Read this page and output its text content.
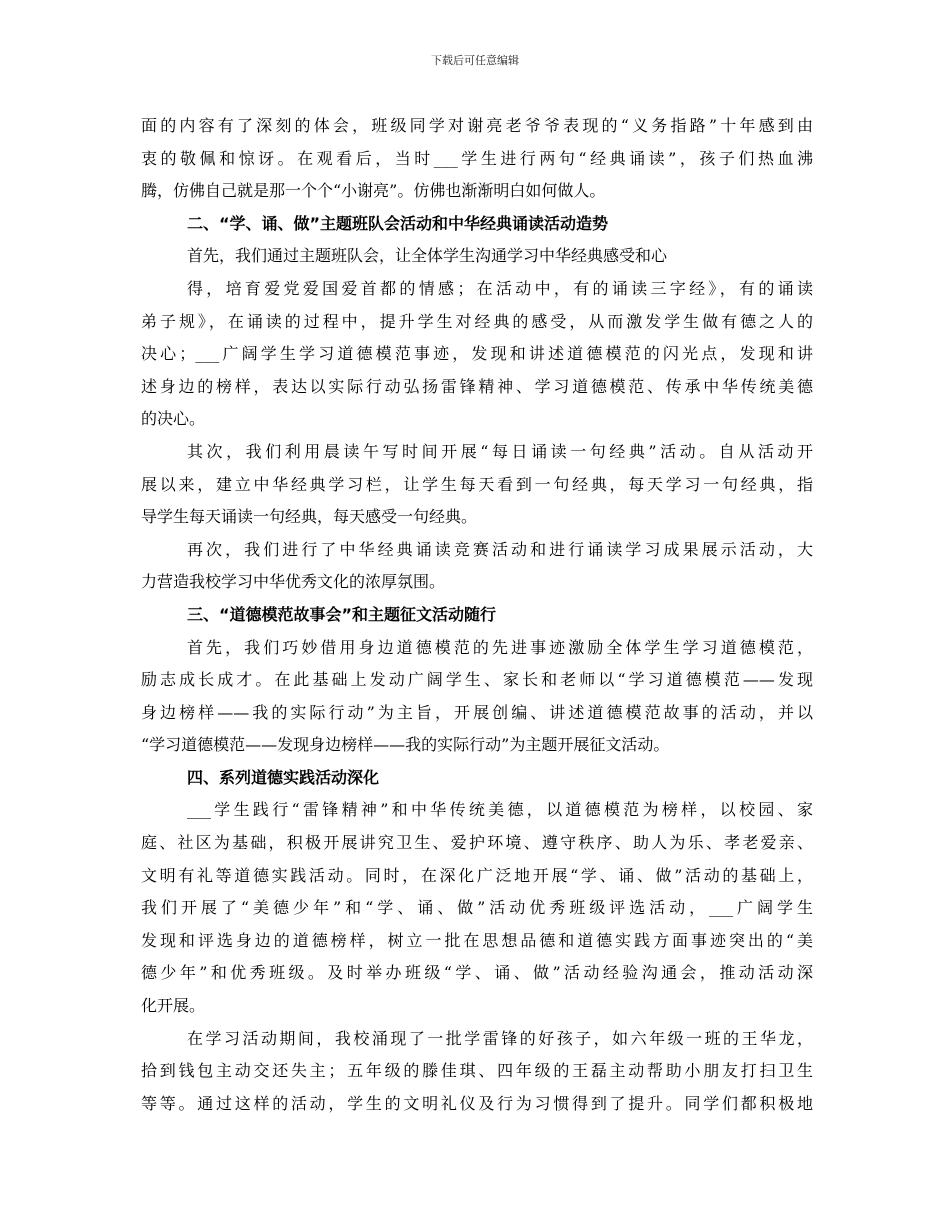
下载后可任意编辑
面的内容有了深刻的体会，班级同学对谢亮老爷爷表现的“义务指路”十年感到由
衷的敬佩和惊讶。在观看后，当时___学生进行两句“经典诵读”，孩子们热血沸
腾，仿佛自己就是那一个个“小谢亮”。仿佛也渐渐明白如何做人。
二、“学、诵、做”主题班队会活动和中华经典诵读活动造势
首先，我们通过主题班队会，让全体学生沟通学习中华经典感受和心
得，培育爱党爱国爱首都的情感；在活动中，有的诵读三字经》，有的诵读
弟子规》，在诵读的过程中，提升学生对经典的感受，从而激发学生做有德之人的
决心；___广阔学生学习道德模范事迹，发现和讲述道德模范的闪光点，发现和讲
述身边的榜样，表达以实际行动弘扬雷锋精神、学习道德模范、传承中华传统美德
的决心。
其次，我们利用晨读午写时间开展“每日诵读一句经典”活动。自从活动开
展以来，建立中华经典学习栏，让学生每天看到一句经典，每天学习一句经典，指
导学生每天诵读一句经典，每天感受一句经典。
再次，我们进行了中华经典诵读竞赛活动和进行诵读学习成果展示活动，大
力营造我校学习中华优秀文化的浓厚氛围。
三、“道德模范故事会”和主题征文活动随行
首先，我们巧妙借用身边道德模范的先进事迹激励全体学生学习道德模范，
励志成长成才。在此基础上发动广阔学生、家长和老师以“学习道德模范——发现
身边榜样——我的实际行动”为主旨，开展创编、讲述道德模范故事的活动，并以
“学习道德模范——发现身边榜样——我的实际行动”为主题开展征文活动。
四、系列道德实践活动深化
___学生践行“雷锋精神”和中华传统美德，以道德模范为榜样，以校园、家
庭、社区为基础，积极开展讲究卫生、爱护环境、遵守秩序、助人为乐、孝老爱亲、
文明有礼等道德实践活动。同时，在深化广泛地开展“学、诵、做”活动的基础上，
我们开展了“美德少年”和“学、诵、做”活动优秀班级评选活动，___广阔学生
发现和评选身边的道德榜样，树立一批在思想品德和道德实践方面事迹突出的“美
德少年”和优秀班级。及时举办班级“学、诵、做”活动经验沟通会，推动活动深
化开展。
在学习活动期间，我校涌现了一批学雷锋的好孩子，如六年级一班的王华龙，
拾到钱包主动交还失主；五年级的滕佳琪、四年级的王磊主动帮助小朋友打扫卫生
等等。通过这样的活动，学生的文明礼仪及行为习惯得到了提升。同学们都积极地
